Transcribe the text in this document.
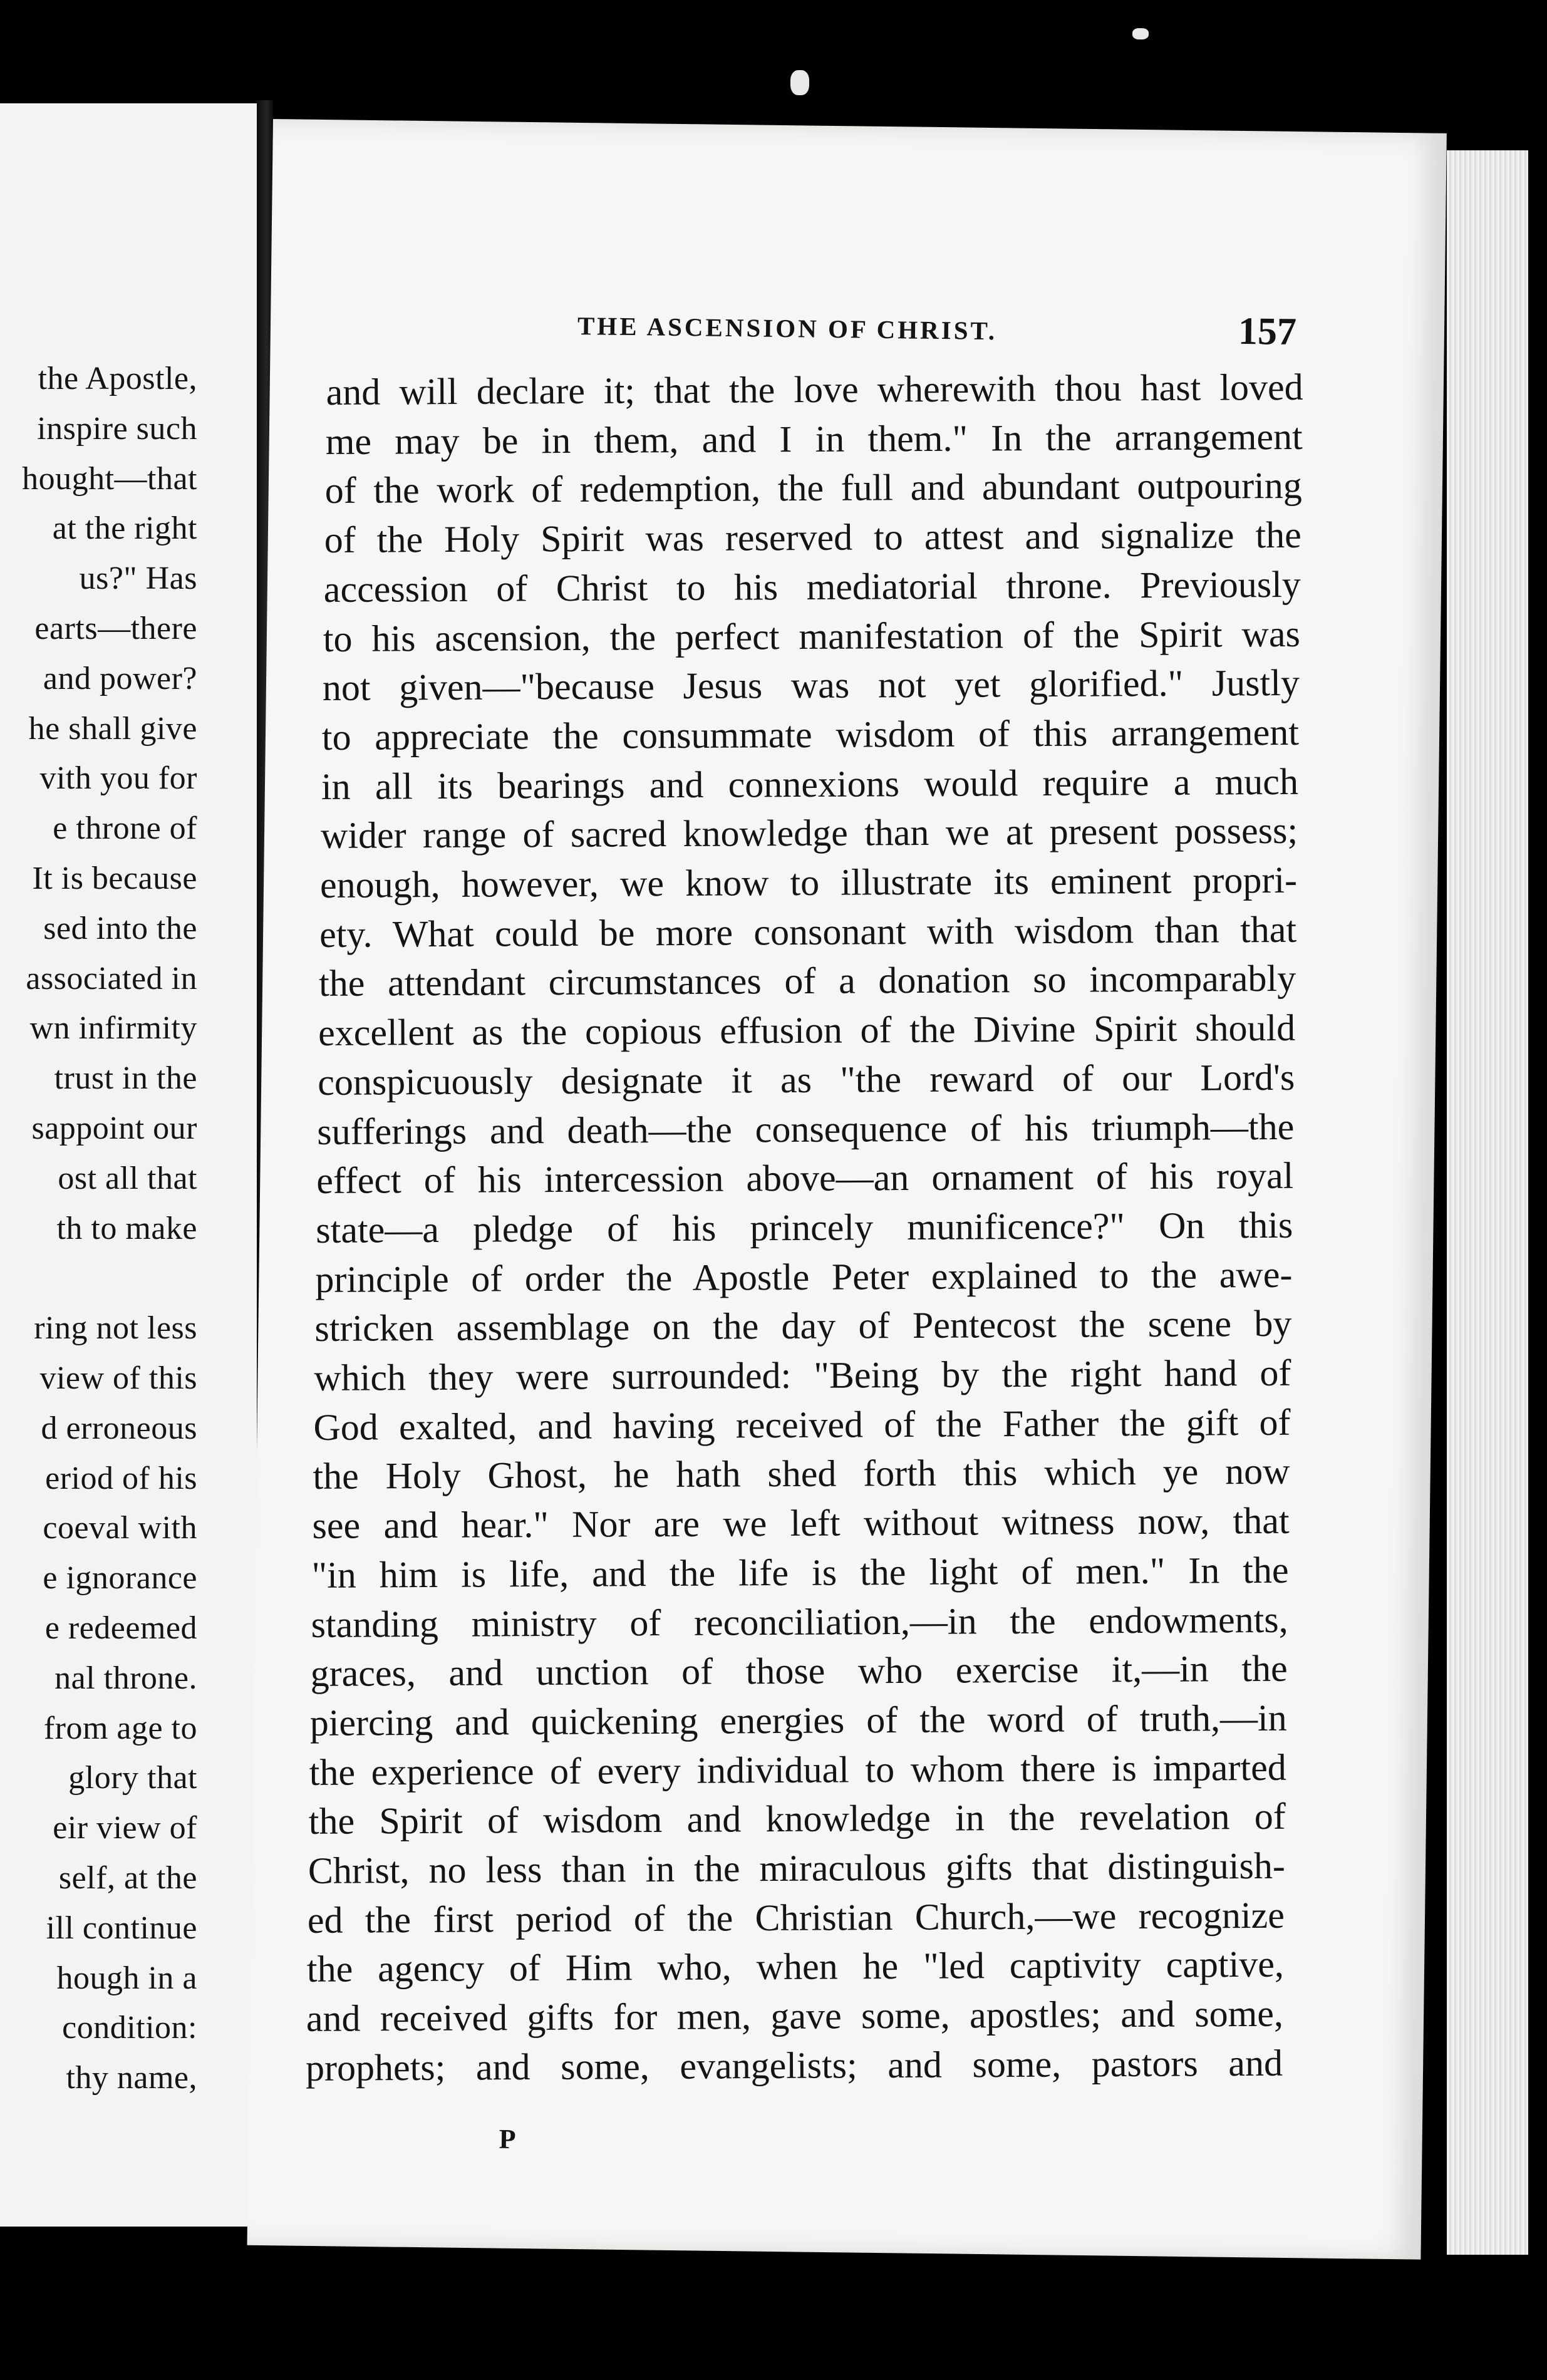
the Apostle,
inspire such
hought—that
at the right
us?" Has
earts—there
and power?
he shall give
vith you for
e throne of
It is because
sed into the
associated in
wn infirmity
trust in the
sappoint our
ost all that
th to make
ring not less
view of this
d erroneous
eriod of his
coeval with
e ignorance
e redeemed
nal throne.
from age to
glory that
eir view of
self, at the
ill continue
hough in a
condition:
thy name,
THE ASCENSION OF CHRIST.	157
and will declare it; that the love wherewith thou hast loved
me may be in them, and I in them." In the arrangement
of the work of redemption, the full and abundant outpouring
of the Holy Spirit was reserved to attest and signalize the
accession of Christ to his mediatorial throne. Previously
to his ascension, the perfect manifestation of the Spirit was
not given—"because Jesus was not yet glorified." Justly
to appreciate the consummate wisdom of this arrangement
in all its bearings and connexions would require a much
wider range of sacred knowledge than we at present possess;
enough, however, we know to illustrate its eminent propri-
ety. What could be more consonant with wisdom than that
the attendant circumstances of a donation so incomparably
excellent as the copious effusion of the Divine Spirit should
conspicuously designate it as "the reward of our Lord's
sufferings and death—the consequence of his triumph—the
effect of his intercession above—an ornament of his royal
state—a pledge of his princely munificence?" On this
principle of order the Apostle Peter explained to the awe-
stricken assemblage on the day of Pentecost the scene by
which they were surrounded: "Being by the right hand of
God exalted, and having received of the Father the gift of
the Holy Ghost, he hath shed forth this which ye now
see and hear." Nor are we left without witness now, that
"in him is life, and the life is the light of men." In the
standing ministry of reconciliation,—in the endowments,
graces, and unction of those who exercise it,—in the
piercing and quickening energies of the word of truth,—in
the experience of every individual to whom there is imparted
the Spirit of wisdom and knowledge in the revelation of
Christ, no less than in the miraculous gifts that distinguish-
ed the first period of the Christian Church,—we recognize
the agency of Him who, when he "led captivity captive,
and received gifts for men, gave some, apostles; and some,
prophets; and some, evangelists; and some, pastors and
P
